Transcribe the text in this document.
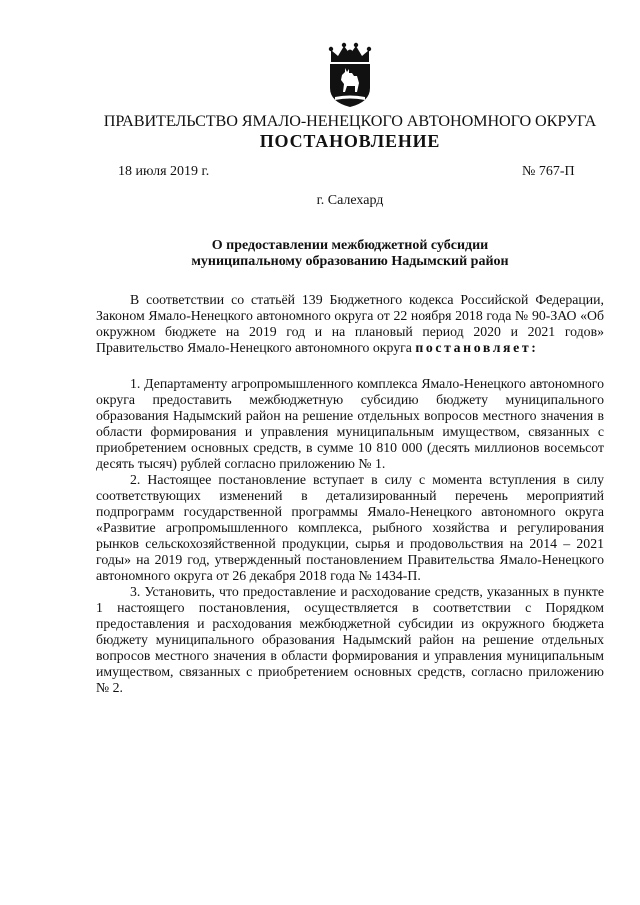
ПРАВИТЕЛЬСТВО ЯМАЛО-НЕНЕЦКОГО АВТОНОМНОГО ОКРУГА
ПОСТАНОВЛЕНИЕ
18 июля 2019 г.	№ 767-П
г. Салехард
О предоставлении межбюджетной субсидии
муниципальному образованию Надымский район

В соответствии со статьёй 139 Бюджетного кодекса Российской Федерации, Законом Ямало-Ненецкого автономного округа от 22 ноября 2018 года № 90-ЗАО «Об окружном бюджете на 2019 год и на плановый период 2020 и 2021 годов» Правительство Ямало-Ненецкого автономного округа постановляет:

1. Департаменту агропромышленного комплекса Ямало-Ненецкого автономного округа предоставить межбюджетную субсидию бюджету муниципального образования Надымский район на решение отдельных вопросов местного значения в области формирования и управления муниципальным имуществом, связанных с приобретением основных средств, в сумме 10 810 000 (десять миллионов восемьсот десять тысяч) рублей согласно приложению № 1.

2. Настоящее постановление вступает в силу с момента вступления в силу соответствующих изменений в детализированный перечень мероприятий подпрограмм государственной программы Ямало-Ненецкого автономного округа «Развитие агропромышленного комплекса, рыбного хозяйства и регулирования рынков сельскохозяйственной продукции, сырья и продовольствия на 2014 – 2021 годы» на 2019 год, утвержденный постановлением Правительства Ямало-Ненецкого автономного округа от 26 декабря 2018 года № 1434-П.

3. Установить, что предоставление и расходование средств, указанных в пункте 1 настоящего постановления, осуществляется в соответствии с Порядком предоставления и расходования межбюджетной субсидии из окружного бюджета бюджету муниципального образования Надымский район на решение отдельных вопросов местного значения в области формирования и управления муниципальным имуществом, связанных с приобретением основных средств, согласно приложению № 2.
